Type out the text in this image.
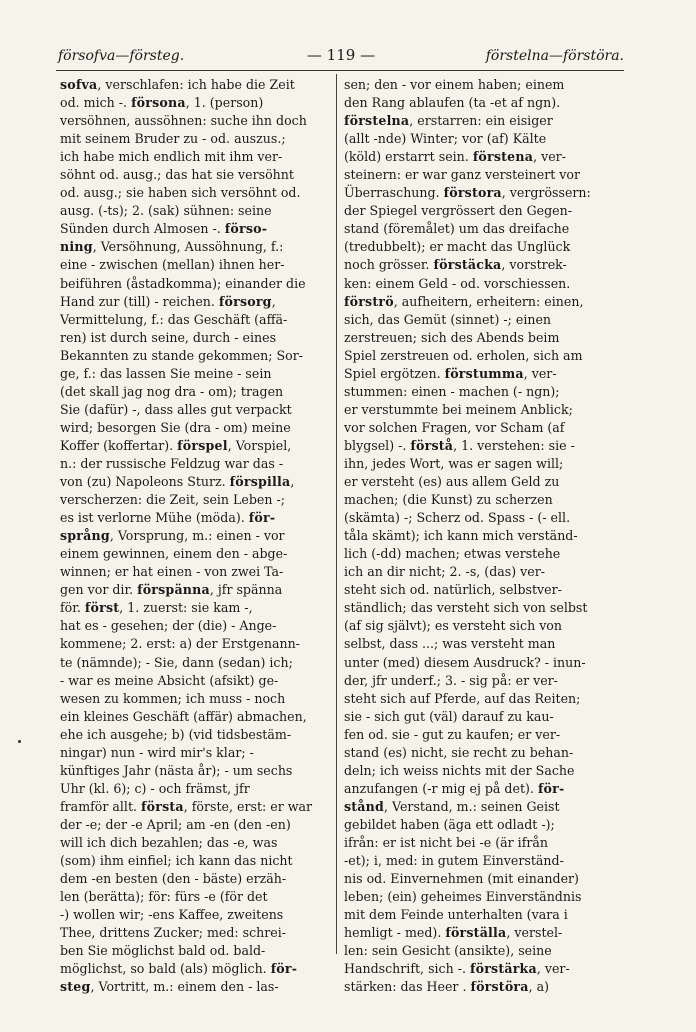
försofva—försteg.	— 119 —	förstelna—förstöra.
sofva, verschlafen: ich habe die Zeit
od. mich -. försona, 1. (person)
versöhnen, aussöhnen: suche ihn doch
mit seinem Bruder zu - od. auszus.;
ich habe mich endlich mit ihm ver-
söhnt od. ausg.; das hat sie versöhnt
od. ausg.; sie haben sich versöhnt od.
ausg. (-ts); 2. (sak) sühnen: seine
Sünden durch Almosen -. förso-
ning, Versöhnung, Aussöhnung, f.:
eine - zwischen (mellan) ihnen her-
beiführen (åstadkomma); einander die
Hand zur (till) - reichen. försorg,
Vermittelung, f.: das Geschäft (affä-
ren) ist durch seine, durch - eines
Bekannten zu stande gekommen; Sor-
ge, f.: das lassen Sie meine - sein
(det skall jag nog dra - om); tragen
Sie (dafür) -, dass alles gut verpackt
wird; besorgen Sie (dra - om) meine
Koffer (koffertar). förspel, Vorspiel,
n.: der russische Feldzug war das -
von (zu) Napoleons Sturz. förspilla,
verscherzen: die Zeit, sein Leben -;
es ist verlorne Mühe (möda). för-
språng, Vorsprung, m.: einen - vor
einem gewinnen, einem den - abge-
winnen; er hat einen - von zwei Ta-
gen vor dir. förspänna, jfr spänna
för. först, 1. zuerst: sie kam -,
hat es - gesehen; der (die) - Ange-
kommene; 2. erst: a) der Erstgenann-
te (nämnde); - Sie, dann (sedan) ich;
- war es meine Absicht (afsikt) ge-
wesen zu kommen; ich muss - noch
ein kleines Geschäft (affär) abmachen,
ehe ich ausgehe; b) (vid tidsbestäm-
ningar) nun - wird mir's klar; -
künftiges Jahr (nästa år); - um sechs
Uhr (kl. 6); c) - och främst, jfr
framför allt. första, förste, erst: er war
der -e; der -e April; am -en (den -en)
will ich dich bezahlen; das -e, was
(som) ihm einfiel; ich kann das nicht
dem -en besten (den - bäste) erzäh-
len (berätta); för: fürs -e (för det
-) wollen wir; -ens Kaffee, zweitens
Thee, drittens Zucker; med: schrei-
ben Sie möglichst bald od. bald-
möglichst, so bald (als) möglich. för-
steg, Vortritt, m.: einem den - las-
sen; den - vor einem haben; einem
den Rang ablaufen (ta -et af ngn).
förstelna, erstarren: ein eisiger
(allt -nde) Winter; vor (af) Kälte
(köld) erstarrt sein. förstena, ver-
steinern: er war ganz versteinert vor
Überraschung. förstora, vergrössern:
der Spiegel vergrössert den Gegen-
stand (föremålet) um das dreifache
(tredubbelt); er macht das Unglück
noch grösser. förstäcka, vorstrek-
ken: einem Geld - od. vorschiessen.
förströ, aufheitern, erheitern: einen,
sich, das Gemüt (sinnet) -; einen
zerstreuen; sich des Abends beim
Spiel zerstreuen od. erholen, sich am
Spiel ergötzen. förstumma, ver-
stummen: einen - machen (- ngn);
er verstummte bei meinem Anblick;
vor solchen Fragen, vor Scham (af
blygsel) -. förstå, 1. verstehen: sie -
ihn, jedes Wort, was er sagen will;
er versteht (es) aus allem Geld zu
machen; (die Kunst) zu scherzen
(skämta) -; Scherz od. Spass - (- ell.
tåla skämt); ich kann mich verständ-
lich (-dd) machen; etwas verstehe
ich an dir nicht; 2. -s, (das) ver-
steht sich od. natürlich, selbstver-
ständlich; das versteht sich von selbst
(af sig självt); es versteht sich von
selbst, dass ...; was versteht man
unter (med) diesem Ausdruck? - inun-
der, jfr underf.; 3. - sig på: er ver-
steht sich auf Pferde, auf das Reiten;
sie - sich gut (väl) darauf zu kau-
fen od. sie - gut zu kaufen; er ver-
stand (es) nicht, sie recht zu behan-
deln; ich weiss nichts mit der Sache
anzufangen (-r mig ej på det). för-
stånd, Verstand, m.: seinen Geist
gebildet haben (äga ett odladt -);
ifrån: er ist nicht bei -e (är ifrån
-et); i, med: in gutem Einverständ-
nis od. Einvernehmen (mit einander)
leben; (ein) geheimes Einverständnis
mit dem Feinde unterhalten (vara i
hemligt - med). förställa, verstel-
len: sein Gesicht (ansikte), seine
Handschrift, sich -. förstärka, ver-
stärken: das Heer . förstöra, a)
